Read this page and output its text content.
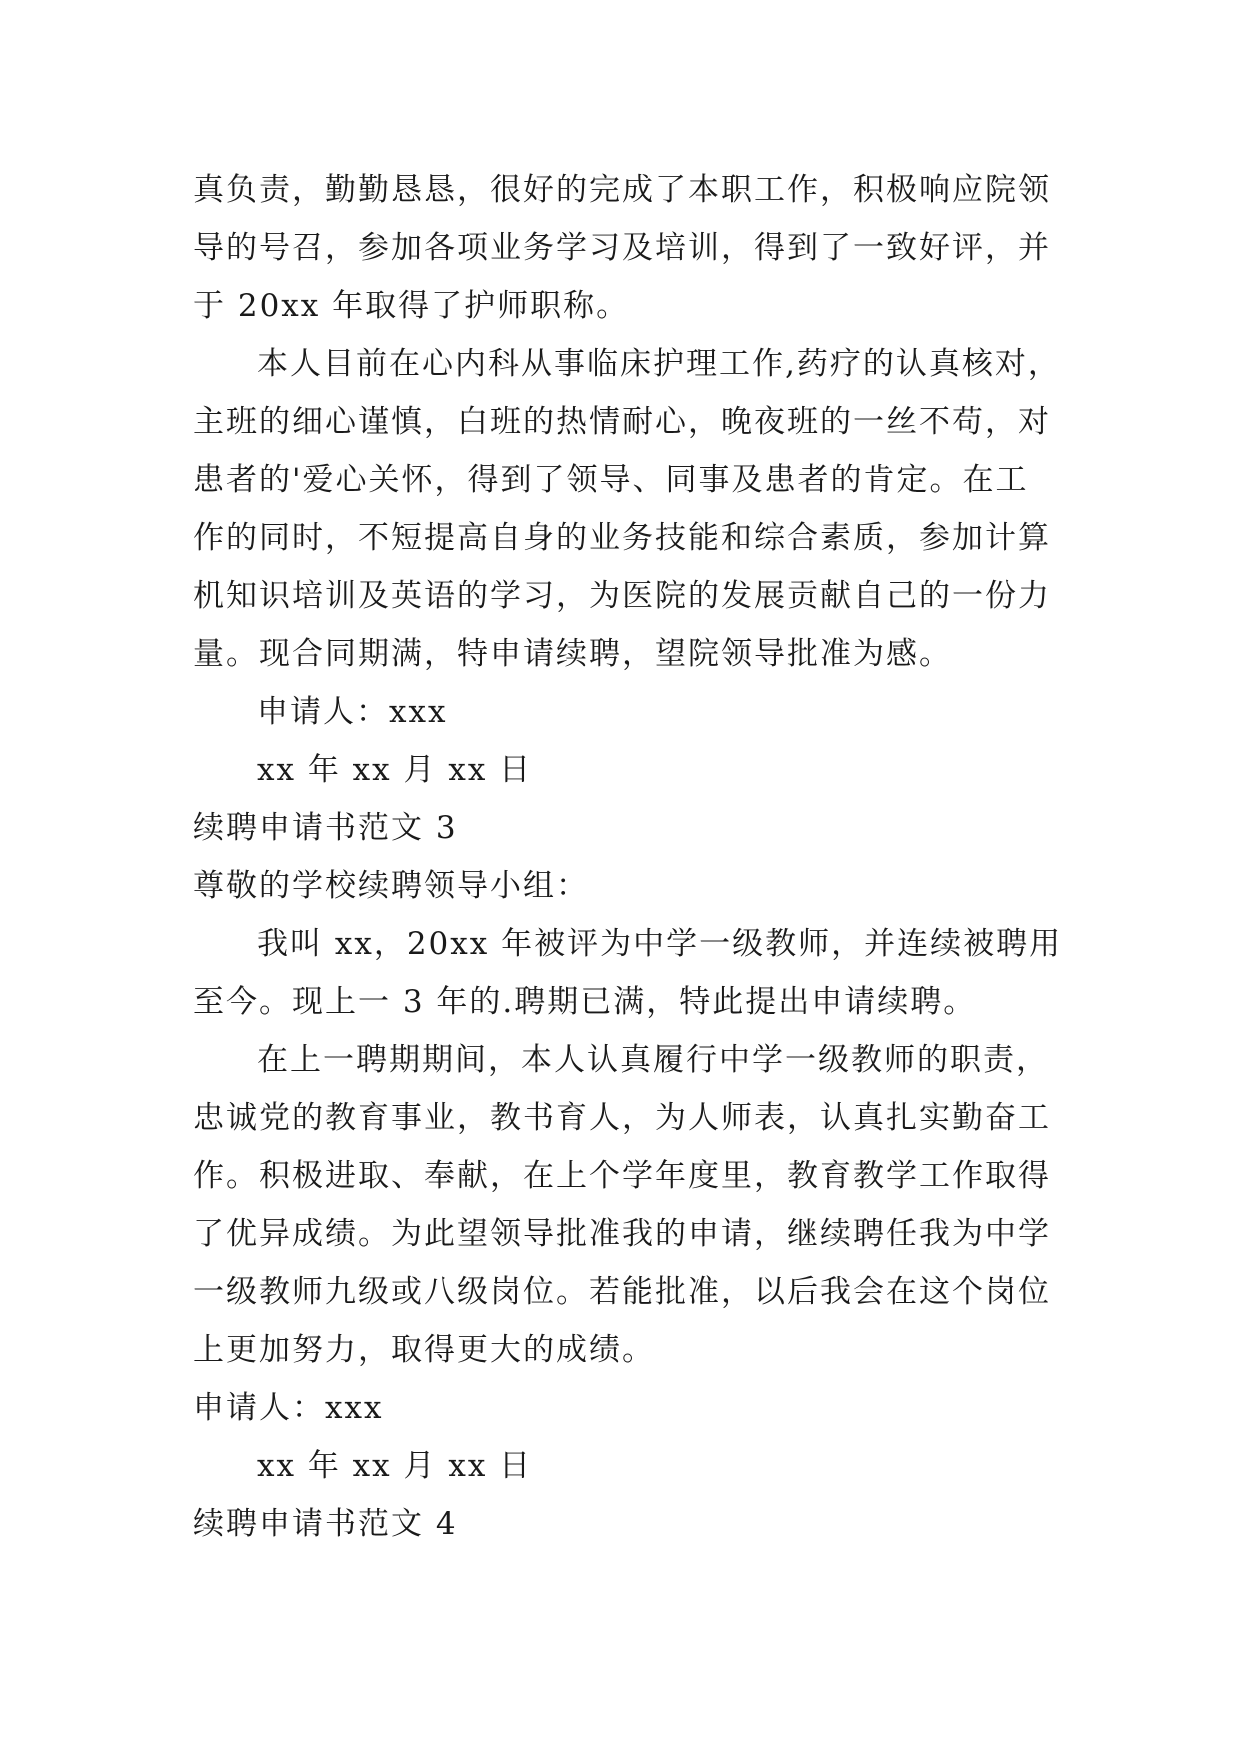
真负责，勤勤恳恳，很好的完成了本职工作，积极响应院领
导的号召，参加各项业务学习及培训，得到了一致好评，并
于 20xx 年取得了护师职称。
本人目前在心内科从事临床护理工作,药疗的认真核对，
主班的细心谨慎，白班的热情耐心，晚夜班的一丝不苟，对
患者的'爱心关怀，得到了领导、同事及患者的肯定。在工
作的同时，不短提高自身的业务技能和综合素质，参加计算
机知识培训及英语的学习，为医院的发展贡献自己的一份力
量。现合同期满，特申请续聘，望院领导批准为感。
申请人：xxx
xx 年 xx 月 xx 日
续聘申请书范文 3
尊敬的学校续聘领导小组：
我叫 xx，20xx 年被评为中学一级教师，并连续被聘用
至今。现上一 3 年的.聘期已满，特此提出申请续聘。
在上一聘期期间，本人认真履行中学一级教师的职责，
忠诚党的教育事业，教书育人，为人师表，认真扎实勤奋工
作。积极进取、奉献，在上个学年度里，教育教学工作取得
了优异成绩。为此望领导批准我的申请，继续聘任我为中学
一级教师九级或八级岗位。若能批准，以后我会在这个岗位
上更加努力，取得更大的成绩。
申请人：xxx
xx 年 xx 月 xx 日
续聘申请书范文 4
